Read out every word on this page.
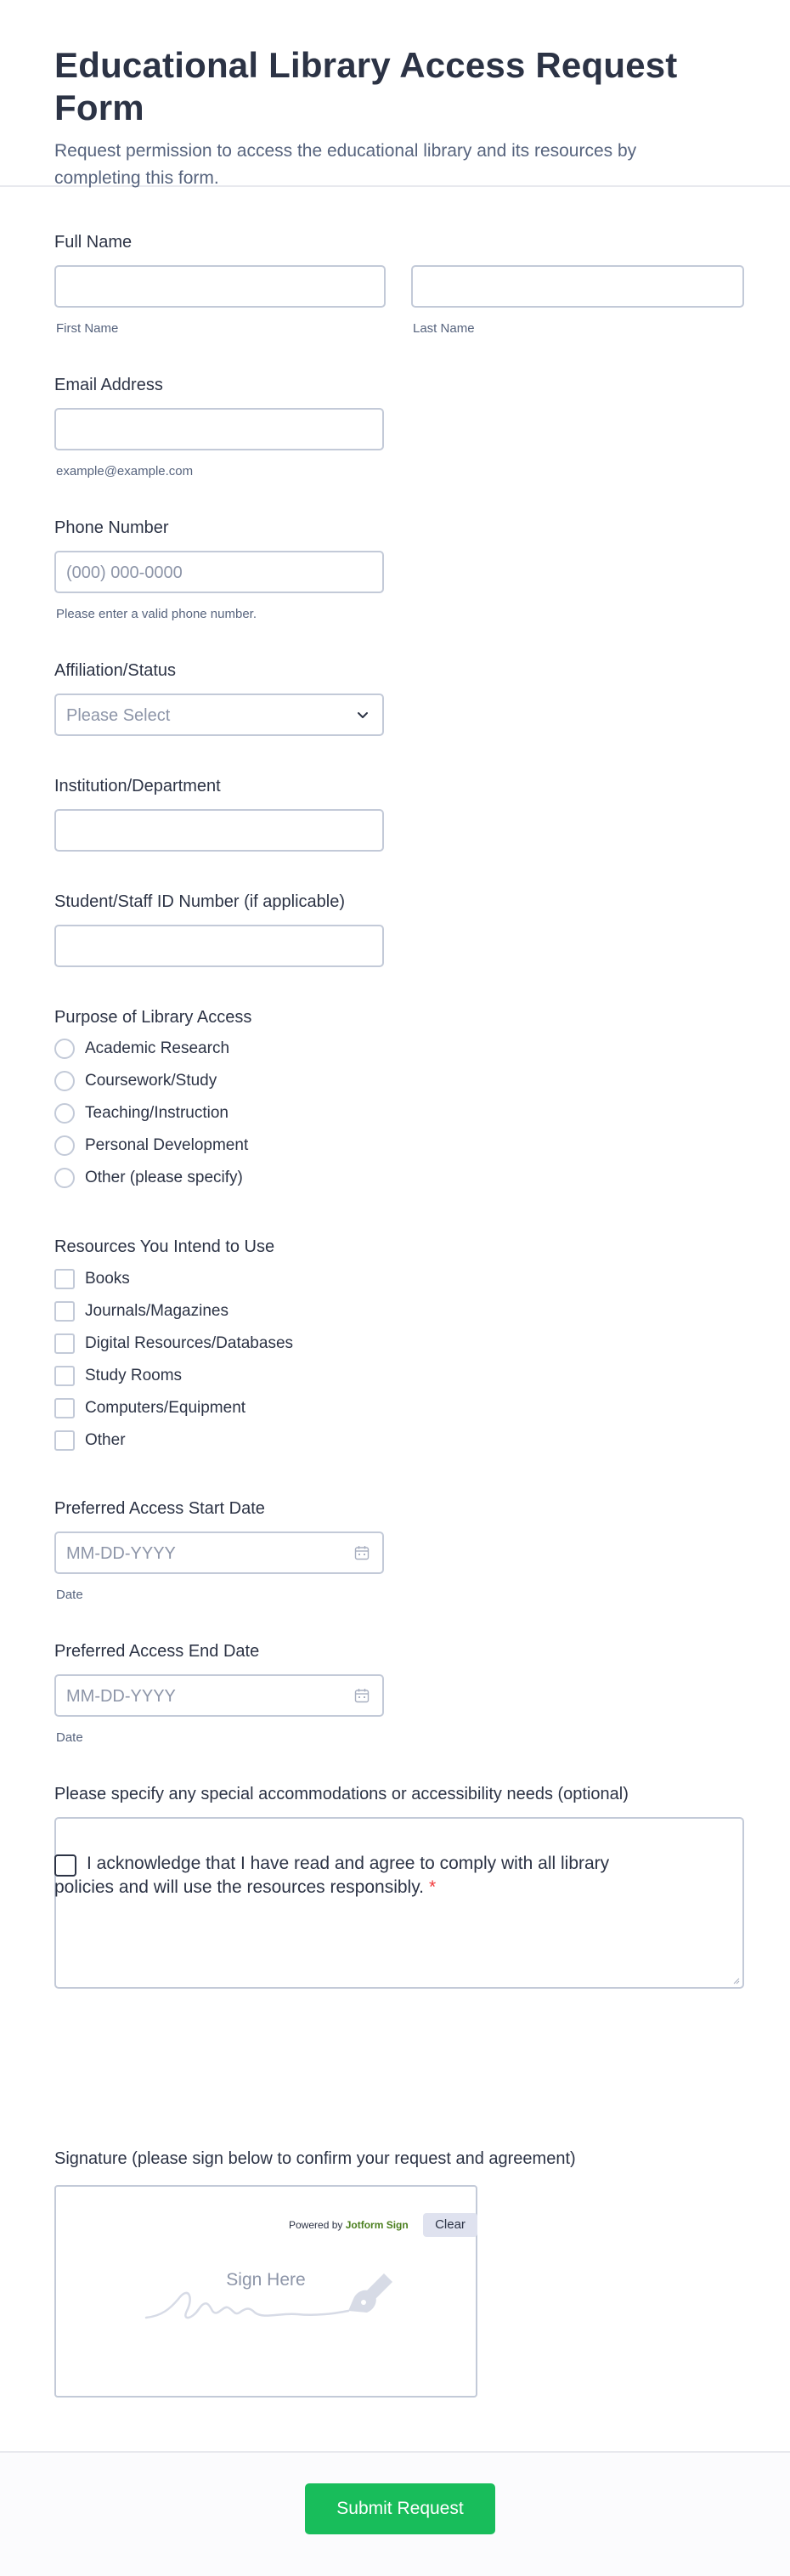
Educational Library Access Request Form

Request permission to access the educational library and its resources by completing this form.

Full Name
First Name	Last Name
Email Address
example@example.com
Phone Number
(000) 000-0000
Please enter a valid phone number.
Affiliation/Status
Please Select
Institution/Department
Student/Staff ID Number (if applicable)
Purpose of Library Access
Academic Research
Coursework/Study
Teaching/Instruction
Personal Development
Other (please specify)
Resources You Intend to Use
Books
Journals/Magazines
Digital Resources/Databases
Study Rooms
Computers/Equipment
Other
Preferred Access Start Date
MM-DD-YYYY
Date
Preferred Access End Date
MM-DD-YYYY
Date
Please specify any special accommodations or accessibility needs (optional)
I acknowledge that I have read and agree to comply with all library policies and will use the resources responsibly. *
Signature (please sign below to confirm your request and agreement)
Sign Here
Powered by Jotform Sign	Clear
Submit Request
